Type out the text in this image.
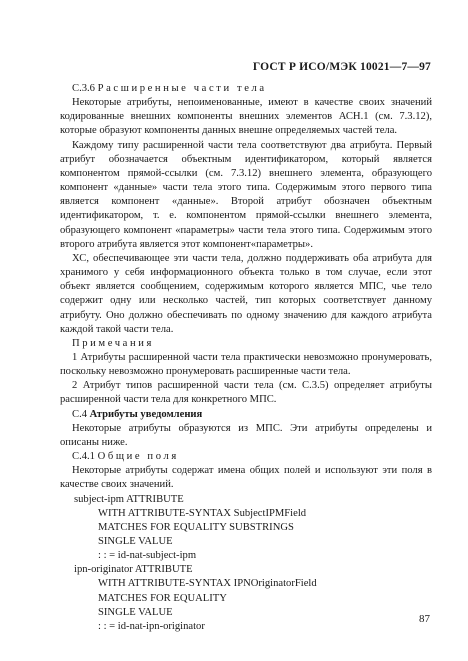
ГОСТ Р ИСО/МЭК 10021—7—97

С.3.6 Расширенные части тела

Некоторые атрибуты, непоименованные, имеют в качестве своих значений кодированные внешних компоненты внешних элементов АСН.1 (см. 7.3.12), которые образуют компоненты данных внешне определяемых частей тела.

Каждому типу расширенной части тела соответствуют два атрибута. Первый атрибут обозначается объектным идентификатором, который является компонентом прямой-ссылки (см. 7.3.12) внешнего элемента, образующего компонент «данные» части тела этого типа. Содержимым этого первого типа является компонент «данные». Второй атрибут обозначен объектным идентификатором, т. е. компонентом прямой-ссылки внешнего элемента, образующего компонент «параметры» части тела этого типа. Содержимым этого второго атрибута является этот компонент«параметры».

ХС, обеспечивающее эти части тела, должно поддерживать оба атрибута для хранимого у себя информационного объекта только в том случае, если этот объект является сообщением, содержимым которого является МПС, чье тело содержит одну или несколько частей, тип которых соответствует данному атрибуту. Оно должно обеспечивать по одному значению для каждого атрибута каждой такой части тела.

Примечания

1 Атрибуты расширенной части тела практически невозможно пронумеровать, поскольку невозможно пронумеровать расширенные части тела.

2 Атрибут типов расширенной части тела (см. С.3.5) определяет атрибуты расширенной части тела для конкретного МПС.

С.4 Атрибуты уведомления

Некоторые атрибуты образуются из МПС. Эти атрибуты определены и описаны ниже.

С.4.1 Общие поля

Некоторые атрибуты содержат имена общих полей и используют эти поля в качестве своих значений.

subject-ipm ATTRIBUTE

WITH ATTRIBUTE-SYNTAX SubjectIPMField

MATCHES FOR EQUALITY SUBSTRINGS

SINGLE VALUE

: : = id-nat-subject-ipm

ipn-originator ATTRIBUTE

WITH ATTRIBUTE-SYNTAX IPNOriginatorField

MATCHES FOR EQUALITY

SINGLE VALUE

: : = id-nat-ipn-originator

87
